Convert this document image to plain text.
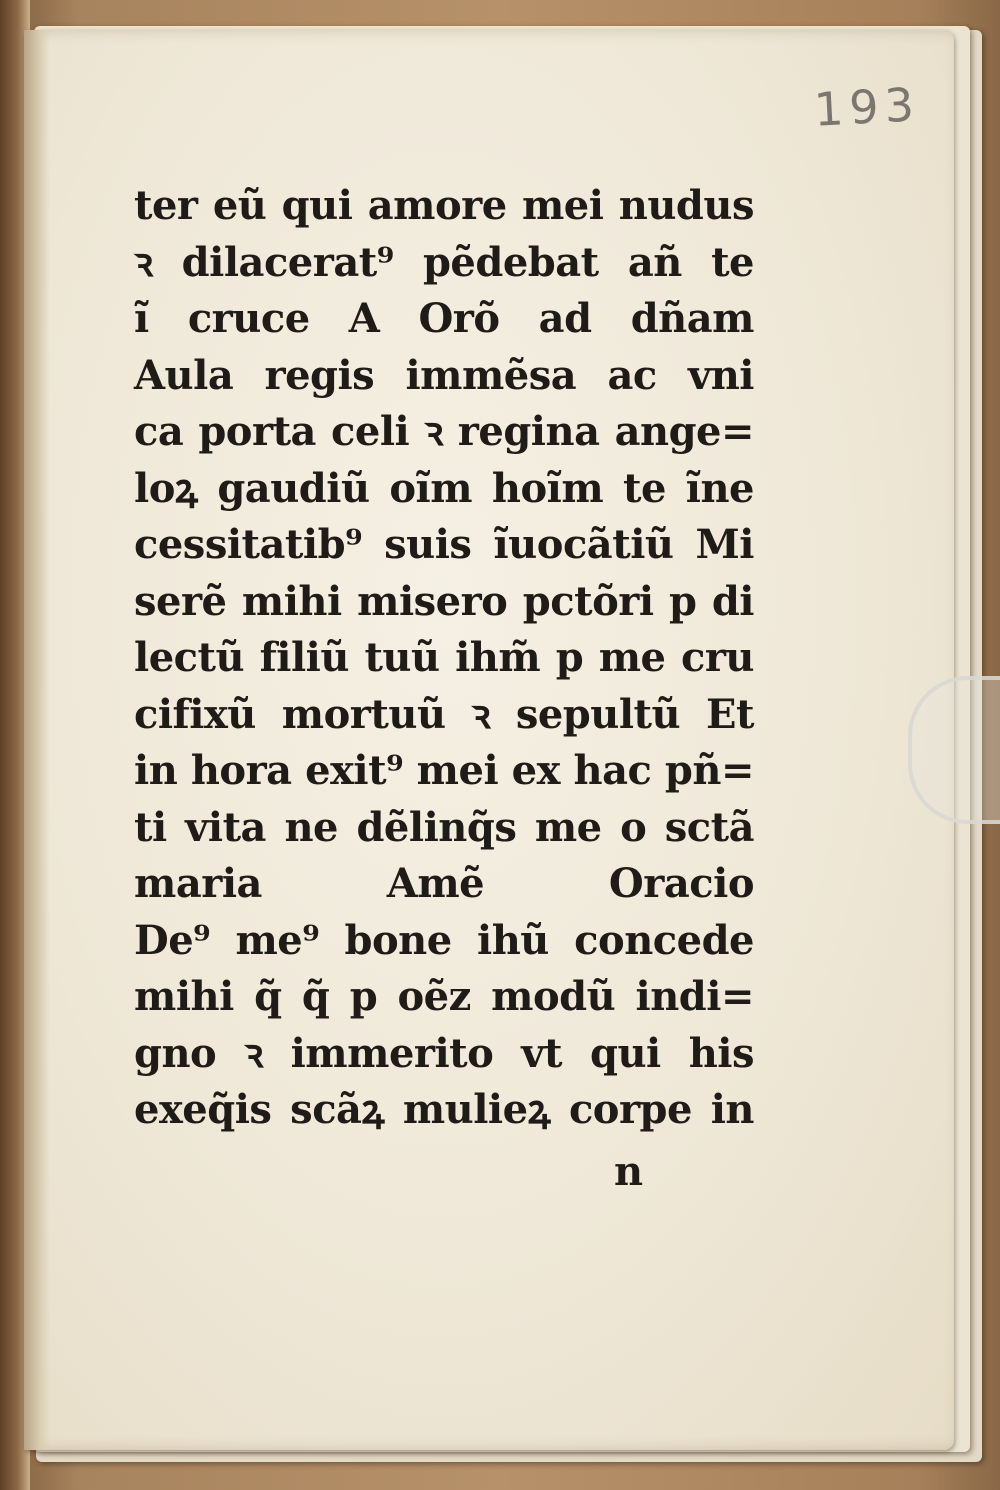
193
ter eũ qui amore mei nudus
ꝛ dilacerat⁹ pẽdebat añ te
ĩ cruce A Orõ ad dñam
Aula regis immẽsa ac vni
ca porta celi ꝛ regina ange=
loꝝ gaudiũ oĩm hoĩm te ĩne
cessitatib⁹ suis ĩuocãtiũ Mi
serẽ mihi misero pctõri p di
lectũ filiũ tuũ ihm̃ p me cru
cifixũ mortuũ ꝛ sepultũ Et
in hora exit⁹ mei ex hac pñ=
ti vita ne dẽlinq̃s me o sctã
maria Amẽ Oracio
De⁹ me⁹ bone ihũ concede
mihi q̃ q̃ p oẽz modũ indi=
gno ꝛ immerito vt qui his
exeq̃is scãꝝ mulieꝝ corpe in
n
